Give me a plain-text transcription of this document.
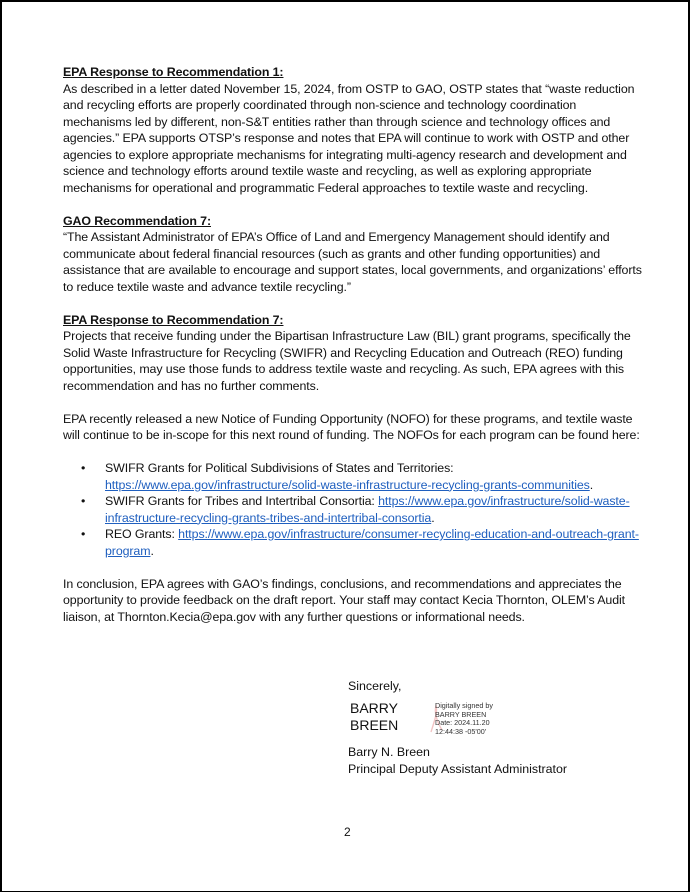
EPA Response to Recommendation 1:

As described in a letter dated November 15, 2024, from OSTP to GAO, OSTP states that “waste reduction and recycling efforts are properly coordinated through non-science and technology coordination mechanisms led by different, non-S&T entities rather than through science and technology offices and agencies.” EPA supports OTSP’s response and notes that EPA will continue to work with OSTP and other agencies to explore appropriate mechanisms for integrating multi-agency research and development and science and technology efforts around textile waste and recycling, as well as exploring appropriate mechanisms for operational and programmatic Federal approaches to textile waste and recycling.

GAO Recommendation 7:

“The Assistant Administrator of EPA’s Office of Land and Emergency Management should identify and communicate about federal financial resources (such as grants and other funding opportunities) and assistance that are available to encourage and support states, local governments, and organizations’ efforts to reduce textile waste and advance textile recycling.”

EPA Response to Recommendation 7:

Projects that receive funding under the Bipartisan Infrastructure Law (BIL) grant programs, specifically the Solid Waste Infrastructure for Recycling (SWIFR) and Recycling Education and Outreach (REO) funding opportunities, may use those funds to address textile waste and recycling. As such, EPA agrees with this recommendation and has no further comments.

EPA recently released a new Notice of Funding Opportunity (NOFO) for these programs, and textile waste will continue to be in-scope for this next round of funding. The NOFOs for each program can be found here:

• SWIFR Grants for Political Subdivisions of States and Territories: https://www.epa.gov/infrastructure/solid-waste-infrastructure-recycling-grants-communities.
• SWIFR Grants for Tribes and Intertribal Consortia: https://www.epa.gov/infrastructure/solid-waste-infrastructure-recycling-grants-tribes-and-intertribal-consortia.
• REO Grants: https://www.epa.gov/infrastructure/consumer-recycling-education-and-outreach-grant-program.

In conclusion, EPA agrees with GAO’s findings, conclusions, and recommendations and appreciates the opportunity to provide feedback on the draft report. Your staff may contact Kecia Thornton, OLEM’s Audit liaison, at Thornton.Kecia@epa.gov with any further questions or informational needs.

Sincerely,
BARRY
BREEN
Digitally signed by
BARRY BREEN
Date: 2024.11.20
12:44:38 -05'00'
Barry N. Breen
Principal Deputy Assistant Administrator
2
